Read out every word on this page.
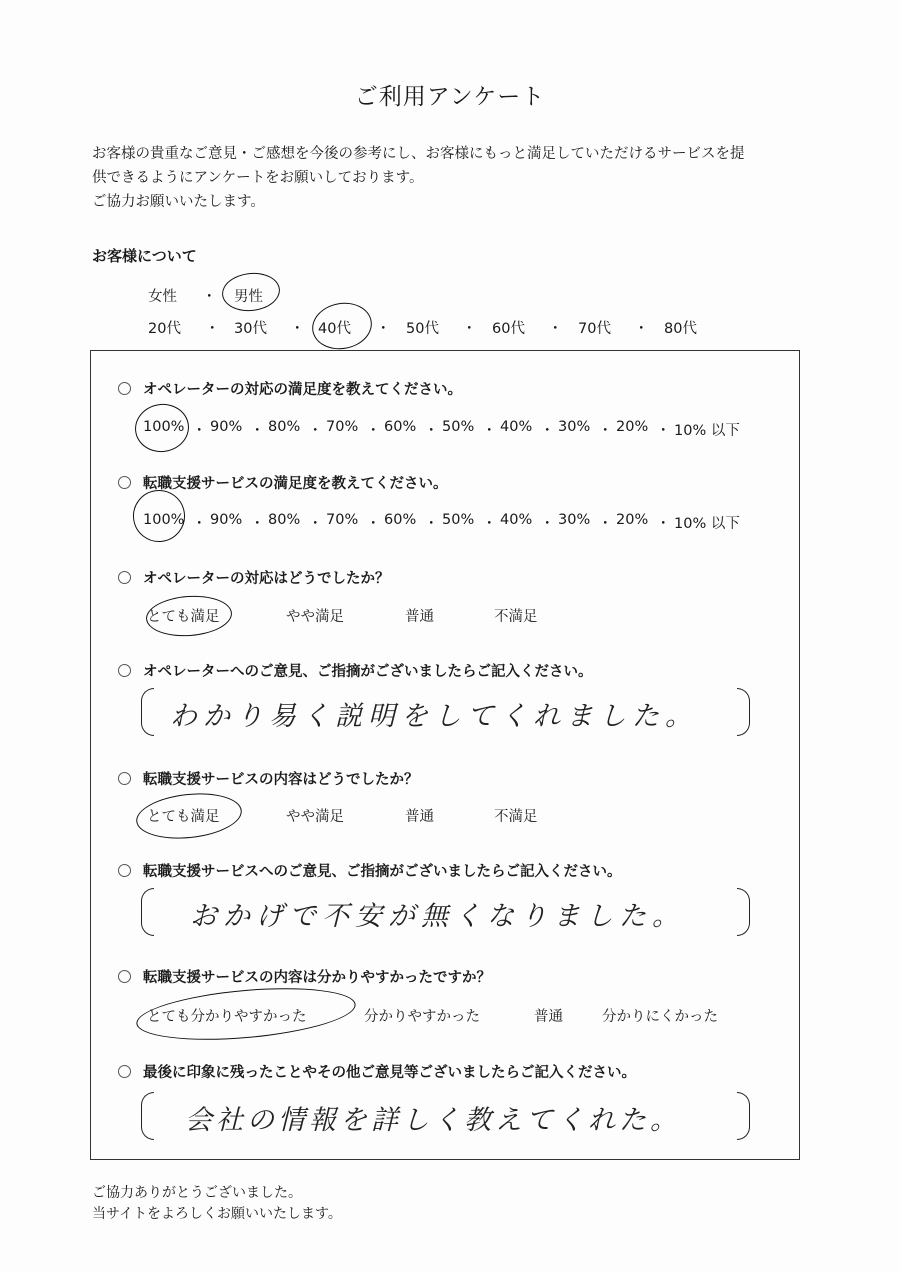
ご利用アンケート
お客様の貴重なご意見・ご感想を今後の参考にし、お客様にもっと満足していただけるサービスを提
供できるようにアンケートをお願いしております。
ご協力お願いいたします。
お客様について
女性 ・ 男性
20代 ・ 30代 ・ 40代 ・ 50代 ・ 60代 ・ 70代 ・ 80代
オペレーターの対応の満足度を教えてください。
100% ・ 90% ・ 80% ・ 70% ・ 60% ・ 50% ・ 40% ・ 30% ・ 20% ・ 10% 以下
転職支援サービスの満足度を教えてください。
100% ・ 90% ・ 80% ・ 70% ・ 60% ・ 50% ・ 40% ・ 30% ・ 20% ・ 10% 以下
オペレーターの対応はどうでしたか？
とても満足	やや満足	普通	不満足
オペレーターへのご意見、ご指摘がございましたらご記入ください。
わかり易く説明をしてくれました。
転職支援サービスの内容はどうでしたか？
とても満足	やや満足	普通	不満足
転職支援サービスへのご意見、ご指摘がございましたらご記入ください。
おかげで不安が無くなりました。
転職支援サービスの内容は分かりやすかったですか？
とても分かりやすかった	分かりやすかった	普通	分かりにくかった
最後に印象に残ったことやその他ご意見等ございましたらご記入ください。
会社の情報を詳しく教えてくれた。
ご協力ありがとうございました。
当サイトをよろしくお願いいたします。
